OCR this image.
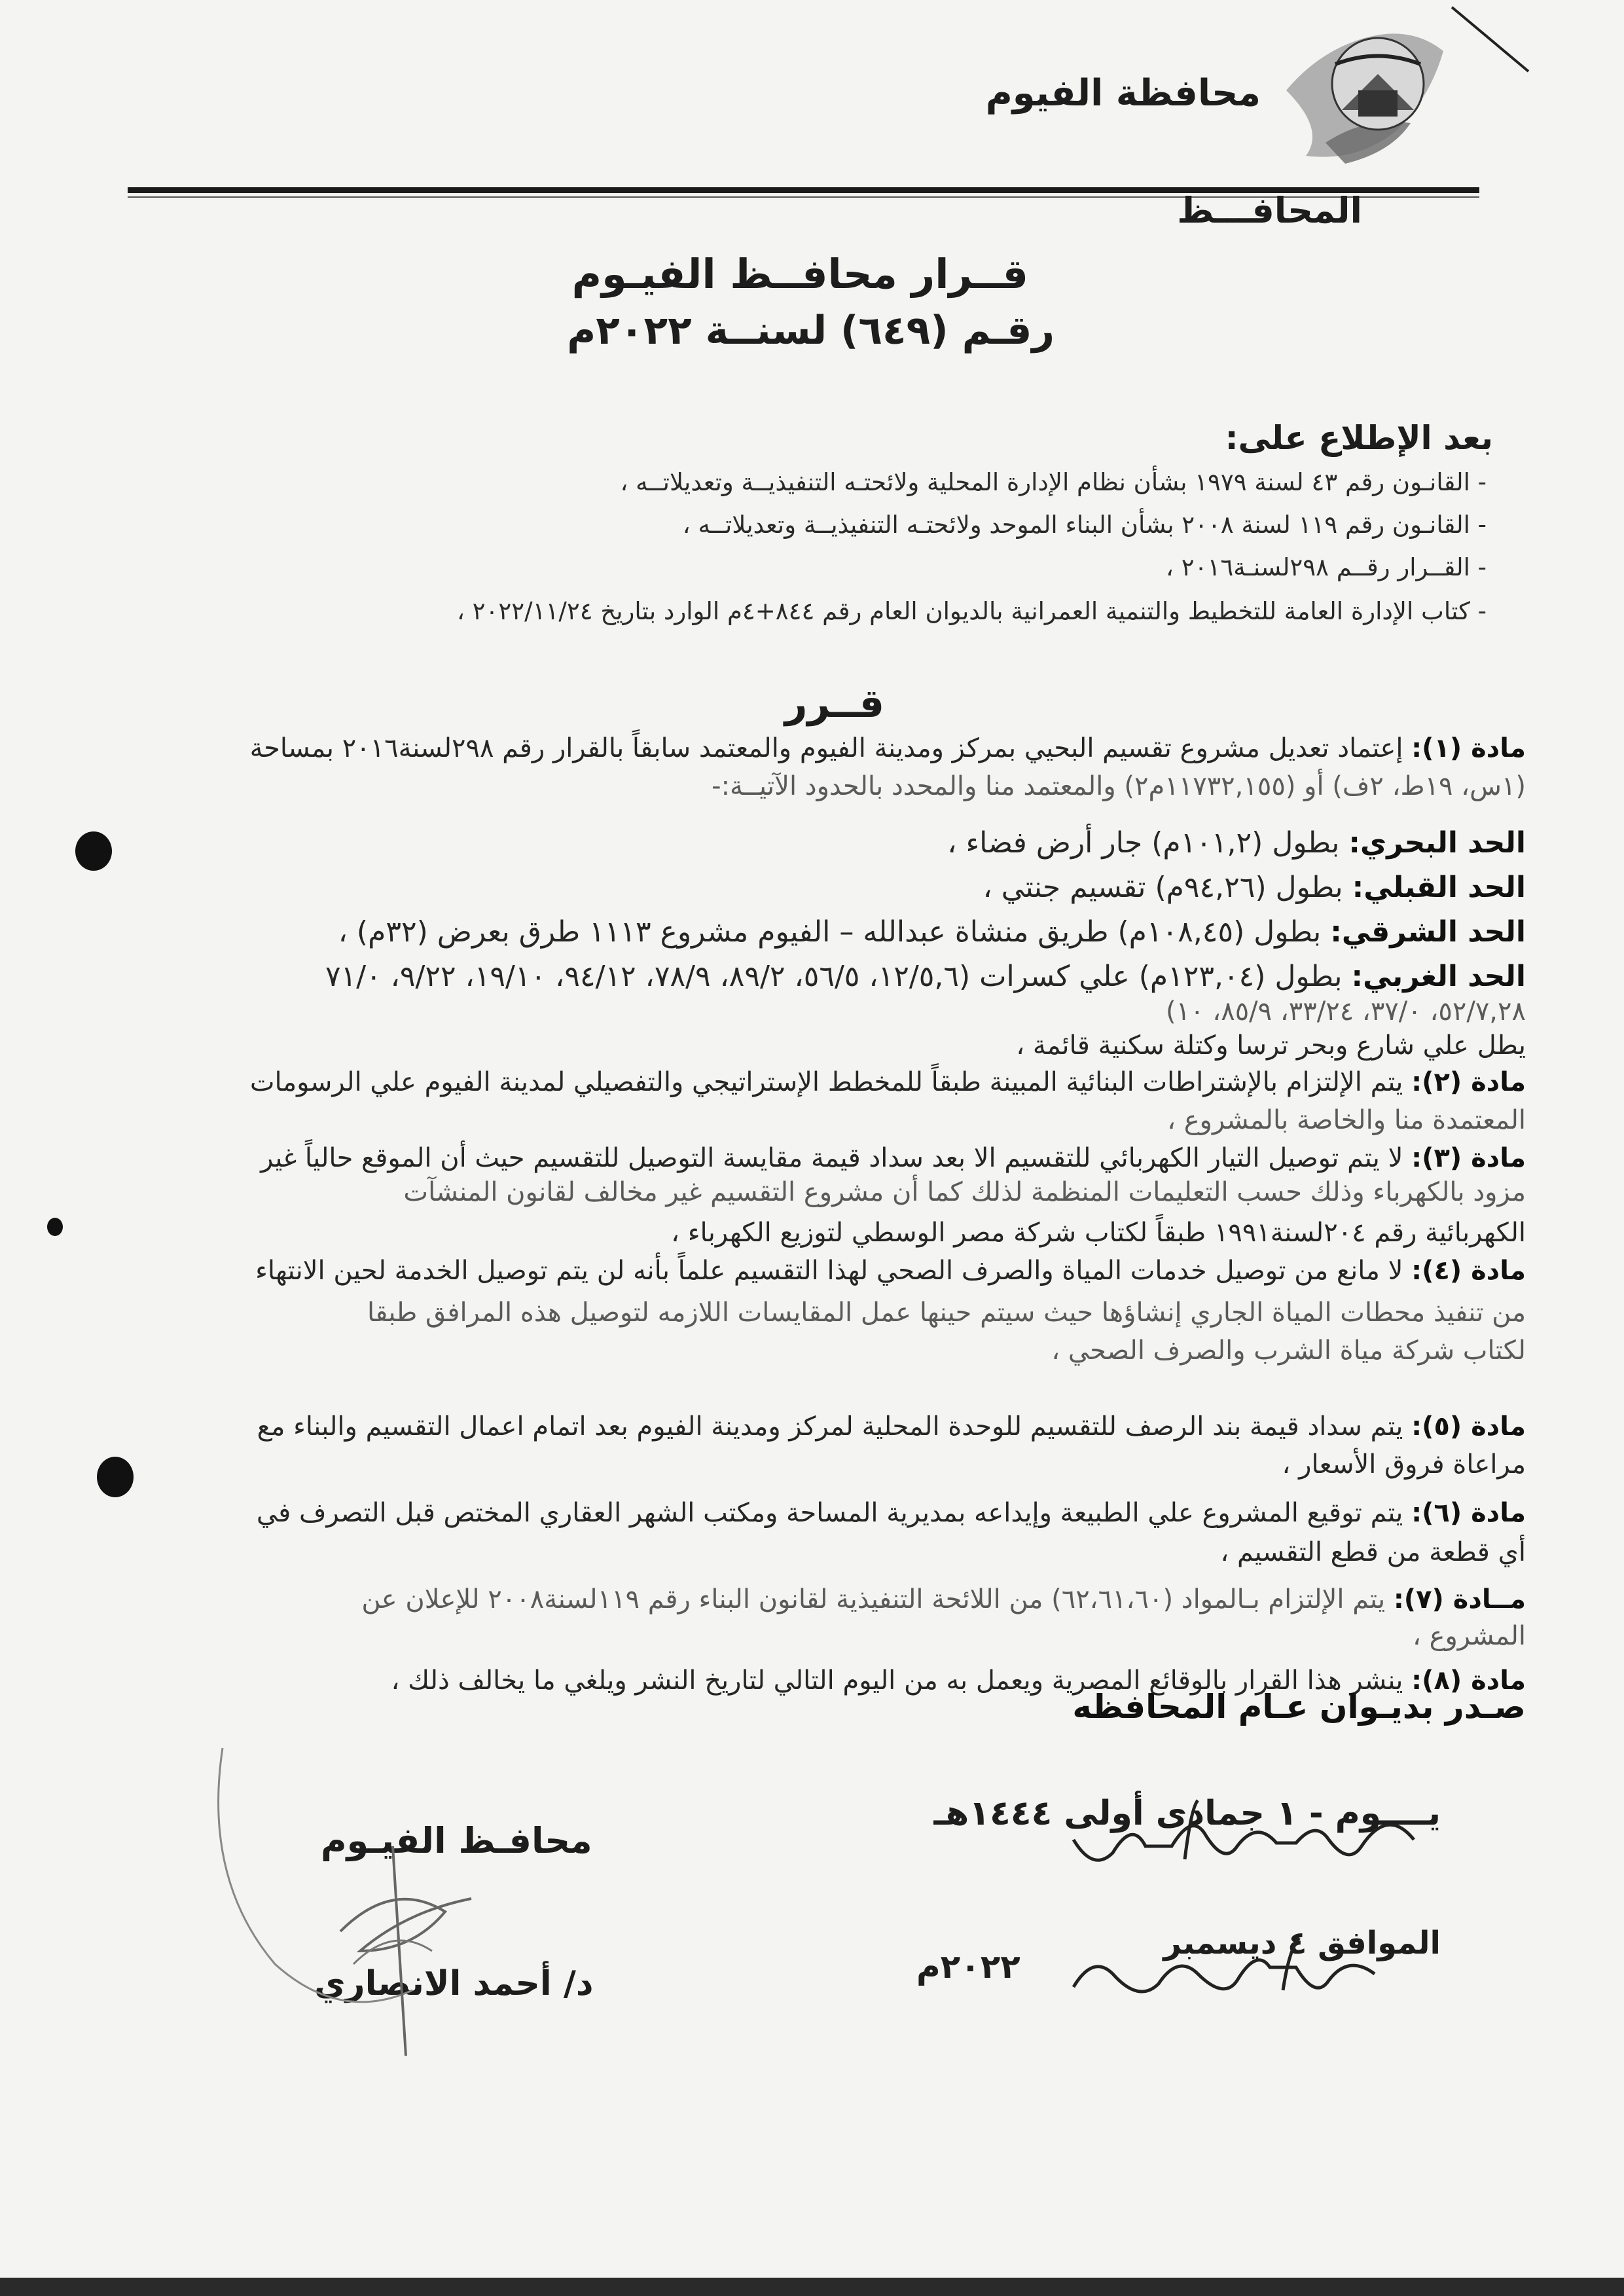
محافظة الفيوم
المحافـــظ
قــرار محافــظ الفيـوم
رقـم (٦٤٩) لسنــة ٢٠٢٢م
بعد الإطلاع على:
- القانـون رقم ٤٣ لسنة ١٩٧٩ بشأن نظام الإدارة المحلية ولائحتـه التنفيذيــة وتعديلاتــه ،
- القانـون رقم ١١٩ لسنة ٢٠٠٨ بشأن البناء الموحد ولائحتـه التنفيذيــة وتعديلاتــه ،
- القــرار رقــم ٢٩٨لسنـة٢٠١٦ ،
- كتاب الإدارة العامة للتخطيط والتنمية العمرانية بالديوان العام رقم ٨٤٤+٤م الوارد بتاريخ ٢٠٢٢/١١/٢٤ ،
قــرر
مادة (١): إعتماد تعديل مشروع تقسيم البحيي بمركز ومدينة الفيوم والمعتمد سابقاً بالقرار رقم ٢٩٨لسنة٢٠١٦ بمساحة
(١س، ١٩ط، ٢ف) أو (١١٧٣٢,١٥٥م٢) والمعتمد منا والمحدد بالحدود الآتيــة:-
الحد البحري: بطول (١٠١,٢م) جار أرض فضاء ،
الحد القبلي: بطول (٩٤,٢٦م) تقسيم جنتي ،
الحد الشرقي: بطول (١٠٨,٤٥م) طريق منشاة عبدالله – الفيوم مشروع ١١١٣ طرق بعرض (٣٢م) ،
الحد الغربي: بطول (١٢٣,٠٤م) علي كسرات (١٢/٥,٦، ٥٦/٥، ٨٩/٢، ٧٨/٩، ٩٤/١٢، ١٩/١٠، ٩/٢٢، ٧١/٠
٥٢/٧,٢٨، ٣٧/٠، ٣٣/٢٤، ٨٥/٩، ١٠)
يطل علي شارع وبحر ترسا وكتلة سكنية قائمة ،
مادة (٢): يتم الإلتزام بالإشتراطات البنائية المبينة طبقاً للمخطط الإستراتيجي والتفصيلي لمدينة الفيوم علي الرسومات
المعتمدة منا والخاصة بالمشروع ،
مادة (٣): لا يتم توصيل التيار الكهربائي للتقسيم الا بعد سداد قيمة مقايسة التوصيل للتقسيم حيث أن الموقع حالياً غير
مزود بالكهرباء وذلك حسب التعليمات المنظمة لذلك كما أن مشروع التقسيم غير مخالف لقانون المنشآت
الكهربائية رقم ٢٠٤لسنة١٩٩١ طبقاً لكتاب شركة مصر الوسطي لتوزيع الكهرباء ،
مادة (٤): لا مانع من توصيل خدمات المياة والصرف الصحي لهذا التقسيم علماً بأنه لن يتم توصيل الخدمة لحين الانتهاء
من تنفيذ محطات المياة الجاري إنشاؤها حيث سيتم حينها عمل المقايسات اللازمه لتوصيل هذه المرافق طبقا
لكتاب شركة مياة الشرب والصرف الصحي ،
مادة (٥): يتم سداد قيمة بند الرصف للتقسيم للوحدة المحلية لمركز ومدينة الفيوم بعد اتمام اعمال التقسيم والبناء مع
مراعاة فروق الأسعار ،
مادة (٦): يتم توقيع المشروع علي الطبيعة وإيداعه بمديرية المساحة ومكتب الشهر العقاري المختص قبل التصرف في
أي قطعة من قطع التقسيم ،
مــادة (٧): يتم الإلتزام بـالمواد (٦٢،٦١،٦٠) من اللائحة التنفيذية لقانون البناء رقم ١١٩لسنة٢٠٠٨ للإعلان عن
المشروع ،
مادة (٨): ينشر هذا القرار بالوقائع المصرية ويعمل به من اليوم التالي لتاريخ النشر ويلغي ما يخالف ذلك ،
صـدر بديـوان عـام المحافظه
يــــوم - ١ جمادى أولى ١٤٤٤هـ
محافـظ الفيـوم
الموافق ٤ ديسمبر
٢٠٢٢م
د/ أحمد الانصاري
